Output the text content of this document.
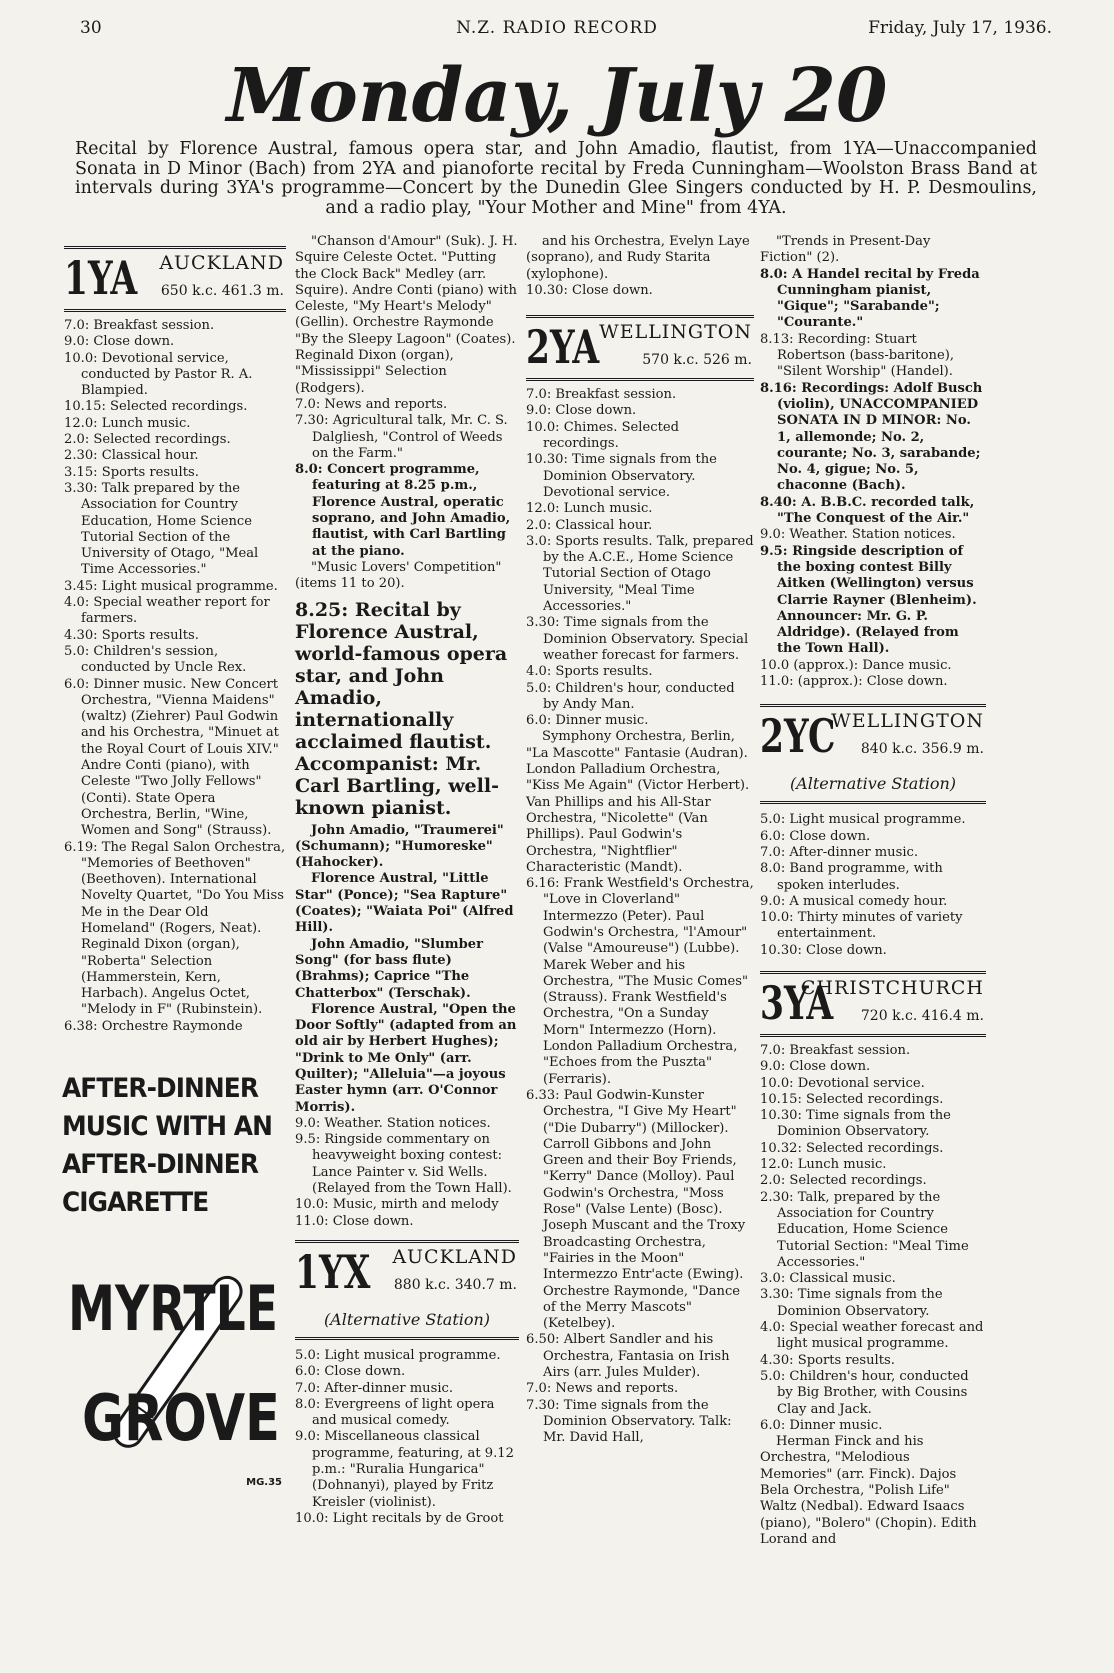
30	N.Z. RADIO RECORD	Friday, July 17, 1936.
Monday, July 20
Recital by Florence Austral, famous opera star, and John Amadio, flautist, from 1YA—Unaccompanied Sonata in D Minor (Bach) from 2YA and pianoforte recital by Freda Cunningham—Woolston Brass Band at intervals during 3YA's programme—Concert by the Dunedin Glee Singers conducted by H. P. Desmoulins, and a radio play, "Your Mother and Mine" from 4YA.
1YA AUCKLAND
650 k.c. 461.3 m.

7.0: Breakfast session.

9.0: Close down.

10.0: Devotional service, conducted by Pastor R. A. Blampied.

10.15: Selected recordings.

12.0: Lunch music.

2.0: Selected recordings.

2.30: Classical hour.

3.15: Sports results.

3.30: Talk prepared by the Association for Country Education, Home Science Tutorial Section of the University of Otago, "Meal Time Accessories."

3.45: Light musical programme.

4.0: Special weather report for farmers.

4.30: Sports results.

5.0: Children's session, conducted by Uncle Rex.

6.0: Dinner music. New Concert Orchestra, "Vienna Maidens" (waltz) (Ziehrer) Paul Godwin and his Orchestra, "Minuet at the Royal Court of Louis XIV." Andre Conti (piano), with Celeste "Two Jolly Fellows" (Conti). State Opera Orchestra, Berlin, "Wine, Women and Song" (Strauss).

6.19: The Regal Salon Orchestra, "Memories of Beethoven" (Beethoven). International Novelty Quartet, "Do You Miss Me in the Dear Old Homeland" (Rogers, Neat). Reginald Dixon (organ), "Roberta" Selection (Hammerstein, Kern, Harbach). Angelus Octet, "Melody in F" (Rubinstein).

6.38: Orchestre Raymonde

AFTER-DINNER
MUSIC WITH AN
AFTER-DINNER
CIGARETTE
MYRTLE
GROVE
MG.35

"Chanson d'Amour" (Suk). J. H. Squire Celeste Octet. "Putting the Clock Back" Medley (arr. Squire). Andre Conti (piano) with Celeste, "My Heart's Melody" (Gellin). Orchestre Raymonde "By the Sleepy Lagoon" (Coates). Reginald Dixon (organ), "Mississippi" Selection (Rodgers).

7.0: News and reports.

7.30: Agricultural talk, Mr. C. S. Dalgliesh, "Control of Weeds on the Farm."

8.0: Concert programme, featuring at 8.25 p.m., Florence Austral, operatic soprano, and John Amadio, flautist, with Carl Bartling at the piano.

"Music Lovers' Competition" (items 11 to 20).

8.25: Recital by Florence Austral, world-famous opera star, and John Amadio, internationally acclaimed flautist. Accompanist: Mr. Carl Bartling, well-known pianist.

John Amadio, "Traumerei" (Schumann); "Humoreske" (Hahocker).

Florence Austral, "Little Star" (Ponce); "Sea Rapture" (Coates); "Waiata Poi" (Alfred Hill).

John Amadio, "Slumber Song" (for bass flute) (Brahms); Caprice "The Chatterbox" (Terschak).

Florence Austral, "Open the Door Softly" (adapted from an old air by Herbert Hughes); "Drink to Me Only" (arr. Quilter); "Alleluia"—a joyous Easter hymn (arr. O'Connor Morris).

9.0: Weather. Station notices.

9.5: Ringside commentary on heavyweight boxing contest: Lance Painter v. Sid Wells. (Relayed from the Town Hall).

10.0: Music, mirth and melody

11.0: Close down.

1YX AUCKLAND
880 k.c. 340.7 m.
(Alternative Station)

5.0: Light musical programme.

6.0: Close down.

7.0: After-dinner music.

8.0: Evergreens of light opera and musical comedy.

9.0: Miscellaneous classical programme, featuring, at 9.12 p.m.: "Ruralia Hungarica" (Dohnanyi), played by Fritz Kreisler (violinist).

10.0: Light recitals by de Groot

and his Orchestra, Evelyn Laye (soprano), and Rudy Starita (xylophone).

10.30: Close down.

2YA WELLINGTON
570 k.c. 526 m.

7.0: Breakfast session.

9.0: Close down.

10.0: Chimes. Selected recordings.

10.30: Time signals from the Dominion Observatory. Devotional service.

12.0: Lunch music.

2.0: Classical hour.

3.0: Sports results. Talk, prepared by the A.C.E., Home Science Tutorial Section of Otago University, "Meal Time Accessories."

3.30: Time signals from the Dominion Observatory. Special weather forecast for farmers.

4.0: Sports results.

5.0: Children's hour, conducted by Andy Man.

6.0: Dinner music.

Symphony Orchestra, Berlin, "La Mascotte" Fantasie (Audran). London Palladium Orchestra, "Kiss Me Again" (Victor Herbert). Van Phillips and his All-Star Orchestra, "Nicolette" (Van Phillips). Paul Godwin's Orchestra, "Nightflier" Characteristic (Mandt).

6.16: Frank Westfield's Orchestra, "Love in Cloverland" Intermezzo (Peter). Paul Godwin's Orchestra, "l'Amour" (Valse "Amoureuse") (Lubbe). Marek Weber and his Orchestra, "The Music Comes" (Strauss). Frank Westfield's Orchestra, "On a Sunday Morn" Intermezzo (Horn). London Palladium Orchestra, "Echoes from the Puszta" (Ferraris).

6.33: Paul Godwin-Kunster Orchestra, "I Give My Heart" ("Die Dubarry") (Millocker). Carroll Gibbons and John Green and their Boy Friends, "Kerry" Dance (Molloy). Paul Godwin's Orchestra, "Moss Rose" (Valse Lente) (Bosc). Joseph Muscant and the Troxy Broadcasting Orchestra, "Fairies in the Moon" Intermezzo Entr'acte (Ewing). Orchestre Raymonde, "Dance of the Merry Mascots" (Ketelbey).

6.50: Albert Sandler and his Orchestra, Fantasia on Irish Airs (arr. Jules Mulder).

7.0: News and reports.

7.30: Time signals from the Dominion Observatory. Talk: Mr. David Hall,

"Trends in Present-Day Fiction" (2).

8.0: A Handel recital by Freda Cunningham pianist, "Gique"; "Sarabande"; "Courante."

8.13: Recording: Stuart Robertson (bass-baritone), "Silent Worship" (Handel).

8.16: Recordings: Adolf Busch (violin), UNACCOMPANIED SONATA IN D MINOR: No. 1, allemonde; No. 2, courante; No. 3, sarabande; No. 4, gigue; No. 5, chaconne (Bach).

8.40: A. B.B.C. recorded talk, "The Conquest of the Air."

9.0: Weather. Station notices.

9.5: Ringside description of the boxing contest Billy Aitken (Wellington) versus Clarrie Rayner (Blenheim). Announcer: Mr. G. P. Aldridge). (Relayed from the Town Hall).

10.0 (approx.): Dance music.

11.0: (approx.): Close down.

2YC
WELLINGTON
840 k.c. 356.9 m.
(Alternative Station)

5.0: Light musical programme.

6.0: Close down.

7.0: After-dinner music.

8.0: Band programme, with spoken interludes.

9.0: A musical comedy hour.

10.0: Thirty minutes of variety entertainment.

10.30: Close down.

3YA
CHRISTCHURCH
720 k.c. 416.4 m.

7.0: Breakfast session.

9.0: Close down.

10.0: Devotional service.

10.15: Selected recordings.

10.30: Time signals from the Dominion Observatory.

10.32: Selected recordings.

12.0: Lunch music.

2.0: Selected recordings.

2.30: Talk, prepared by the Association for Country Education, Home Science Tutorial Section: "Meal Time Accessories."

3.0: Classical music.

3.30: Time signals from the Dominion Observatory.

4.0: Special weather forecast and light musical programme.

4.30: Sports results.

5.0: Children's hour, conducted by Big Brother, with Cousins Clay and Jack.

6.0: Dinner music.

Herman Finck and his Orchestra, "Melodious Memories" (arr. Finck). Dajos Bela Orchestra, "Polish Life" Waltz (Nedbal). Edward Isaacs (piano), "Bolero" (Chopin). Edith Lorand and
